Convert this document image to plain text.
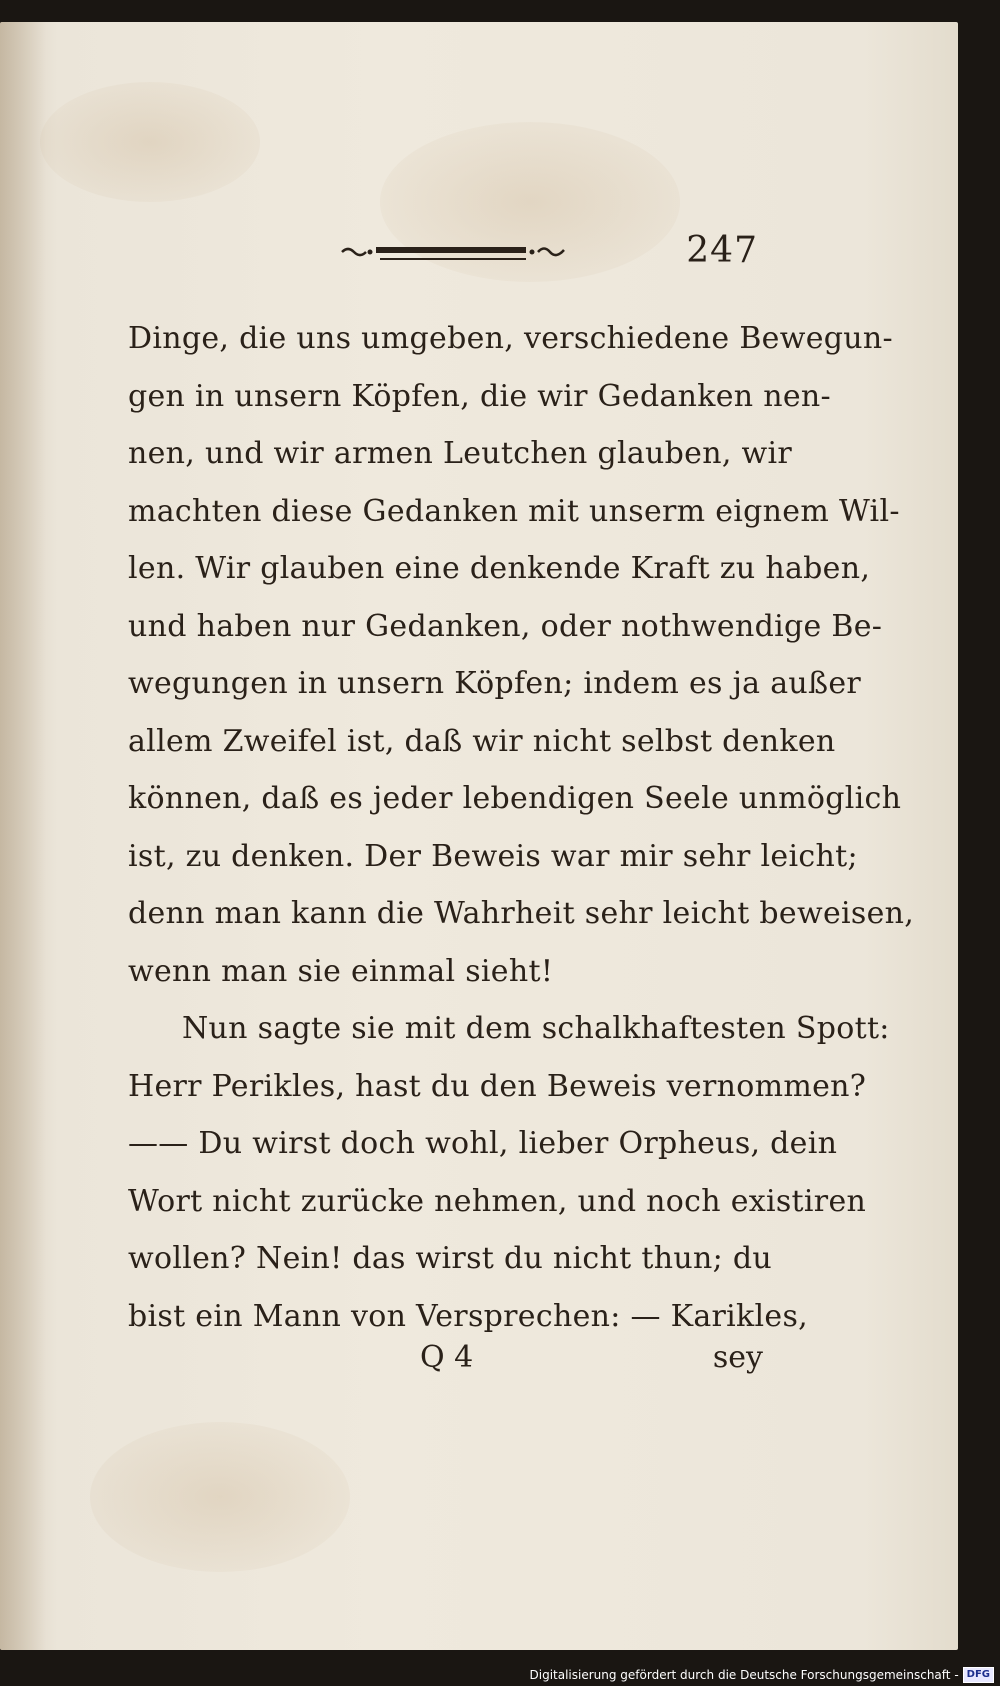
247
Dinge, die uns umgeben, verschiedene Bewegun-
gen in unsern Köpfen, die wir Gedanken nen-
nen, und wir armen Leutchen glauben, wir
machten diese Gedanken mit unserm eignem Wil-
len. Wir glauben eine denkende Kraft zu haben,
und haben nur Gedanken, oder nothwendige Be-
wegungen in unsern Köpfen; indem es ja außer
allem Zweifel ist, daß wir nicht selbst denken
können, daß es jeder lebendigen Seele unmöglich
ist, zu denken. Der Beweis war mir sehr leicht;
denn man kann die Wahrheit sehr leicht beweisen,
wenn man sie einmal sieht!
Nun sagte sie mit dem schalkhaftesten Spott:
Herr Perikles, hast du den Beweis vernommen?
—— Du wirst doch wohl, lieber Orpheus, dein
Wort nicht zurücke nehmen, und noch existiren
wollen? Nein! das wirst du nicht thun; du
bist ein Mann von Versprechen: — Karikles,
Q 4	sey
Digitalisierung gefördert durch die Deutsche Forschungsgemeinschaft - DFG
